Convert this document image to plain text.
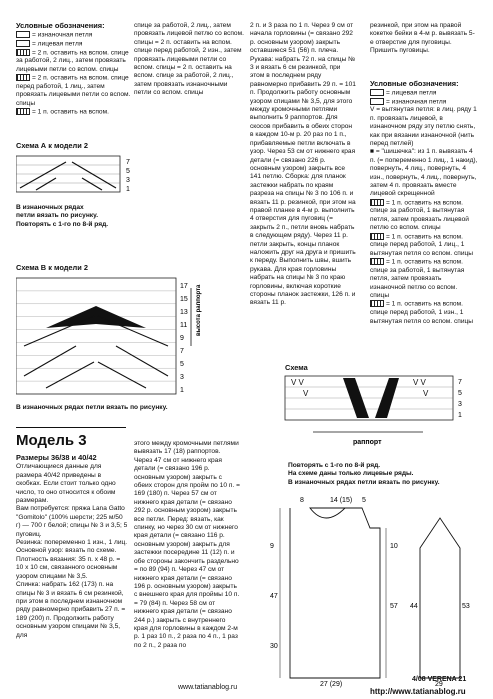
Условные обозначения:

= изнаночная петля

= лицевая петля

= 2 п. оставить на вспом. спице за работой, 2 лиц., затем провязать лицевыми петли со вспом. спицы

= 2 п. оставить на вспом. спице перед работой, 1 лиц., затем провязать лицевыми петли со вспом. спицы

= 1 п. оставить на вспом.

Схема А к модели 2
7
5
3
1
В изнаночных рядах
петли вязать по рисунку.
Повторять с 1-го по 8-й ряд.
Схема В к модели 2
высота раппорта
17
15
13
11
9
7
5
3
1
В изнаночных рядах петли вязать по рисунку.
Модель 3
Размеры 36/38 и 40/42

Отличающиеся данные для размера 40/42 приведены в скобках. Если стоит только одно число, то оно относится к обоим размерам.

Вам потребуется: пряжа Lana Gatto "Gomitolo" (100% шерсти; 225 м/50 г) — 700 г белой; спицы № 3 и 3,5; 5 пуговиц.

Резинка: попеременно 1 изн., 1 лиц.

Основной узор: вязать по схеме.

Плотность вязания: 35 п. x 48 р. = 10 x 10 см, связанного основным узором спицами № 3,5.

Спинка: набрать 162 (173) п. на спицы № 3 и вязать 6 см резинкой, при этом в последнем изнаночном ряду равномерно прибавить 27 п. = 189 (200) п. Продолжить работу основным узором спицами № 3,5, для

спице за работой, 2 лиц., затем провязать лицевой петлю со вспом. спицы = 2 п. оставить на вспом. спице перед работой, 2 изн., затем провязать лицевыми петли со вспом. спицы = 2 п. оставить на вспом. спице за работой, 2 лиц., затем провязать изнаночными петли со вспом. спицы
этого между кромочными петлями вывязать 17 (18) раппортов. Через 47 см от нижнего края детали (= связано 196 р. основным узором) закрыть с обеих сторон для пройм по 10 п. = 169 (180) п. Через 57 см от нижнего края детали (= связано 292 р. основным узором) закрыть все петли. Перед: вязать, как спинку, но через 30 см от нижнего края детали (= связано 116 р. основным узором) закрыть для застежки посередине 11 (12) п. и обе стороны закончить раздельно = по 89 (94) п. Через 47 см от нижнего края детали (= связано 196 р. основным узором) закрыть с внешнего края для проймы 10 п. = 79 (84) п. Через 58 см от нижнего края детали (= связано 244 р.) закрыть с внутреннего края для горловины в каждом 2-м р. 1 раз 10 п., 2 раза по 4 п., 1 раз по 2 п., 2 раза по
2 п. и 3 раза по 1 п. Через 9 см от начала горловины (= связано 292 р. основным узором) закрыть оставшиеся 51 (56) п. плеча. Рукава: набрать 72 п. на спицы № 3 и вязать 6 см резинкой, при этом в последнем ряду равномерно прибавить 29 п. = 101 п. Продолжить работу основным узором спицами № 3,5, для этого между кромочными петлями выполнить 9 раппортов. Для скосов прибавить в обеих сторон в каждом 10-м р. 20 раз по 1 п., прибавляемые петли включать в узор. Через 53 см от нижнего края детали (= связано 226 р. основным узором) закрыть все 141 петлю. Сборка: для планок застежки набрать по краям разреза на спицы № 3 по 106 п. и вязать 11 р. резинкой, при этом на правой планке в 4-м р. выполнить 4 отверстия для пуговиц (= закрыть 2 п., петли вновь набрать в следующем ряду). Через 11 р. петли закрыть, концы планок наложить друг на друга и пришить к переду. Выполнить швы, вшить рукава. Для края горловины набрать на спицы № 3 по краю горловины, включая короткие стороны планок застежки, 126 п. и вязать 11 р.

резинкой, при этом на правой кокетке бейки в 4-м р. вывязать 5-е отверстие для пуговицы. Пришить пуговицы.

Условные обозначения:

= лицевая петля

= изнаночная петля

V = вытянутая петля: в лиц. ряду 1 п. провязать лицевой, в изнаночном ряду эту петлю снять, как при вязании изнаночной (нить перед петлей)

■ = "шишечка": из 1 п. вывязать 4 п. (= попеременно 1 лиц., 1 накид), повернуть, 4 лиц., повернуть, 4 изн., повернуть, 4 лиц., повернуть, затем 4 п. провязать вместе лицевой скрещенной

= 1 п. оставить на вспом. спице за работой, 1 вытянутая петля, затем провязать лицевой петлю со вспом. спицы

= 1 п. оставить на вспом. спице перед работой, 1 лиц., 1 вытянутая петля со вспом. спицы

= 1 п. оставить на вспом. спице за работой, 1 вытянутая петля, затем провязать изнаночной петлю со вспом. спицы

= 1 п. оставить на вспом. спице перед работой, 1 изн., 1 вытянутая петля со вспом. спицы

Схема
V V
V
V V
V
7
5
3
1
раппорт
Повторять с 1-го по 8-й ряд.
На схеме даны только лицевые ряды.
В изнаночных рядах петли вязать по рисунку.
8	14 (15) 5
9	10
47
57
30
27 (29)
53
44
29
www.tatianablog.ru
4/08 VERENA 21
http://www.tatianablog.ru
